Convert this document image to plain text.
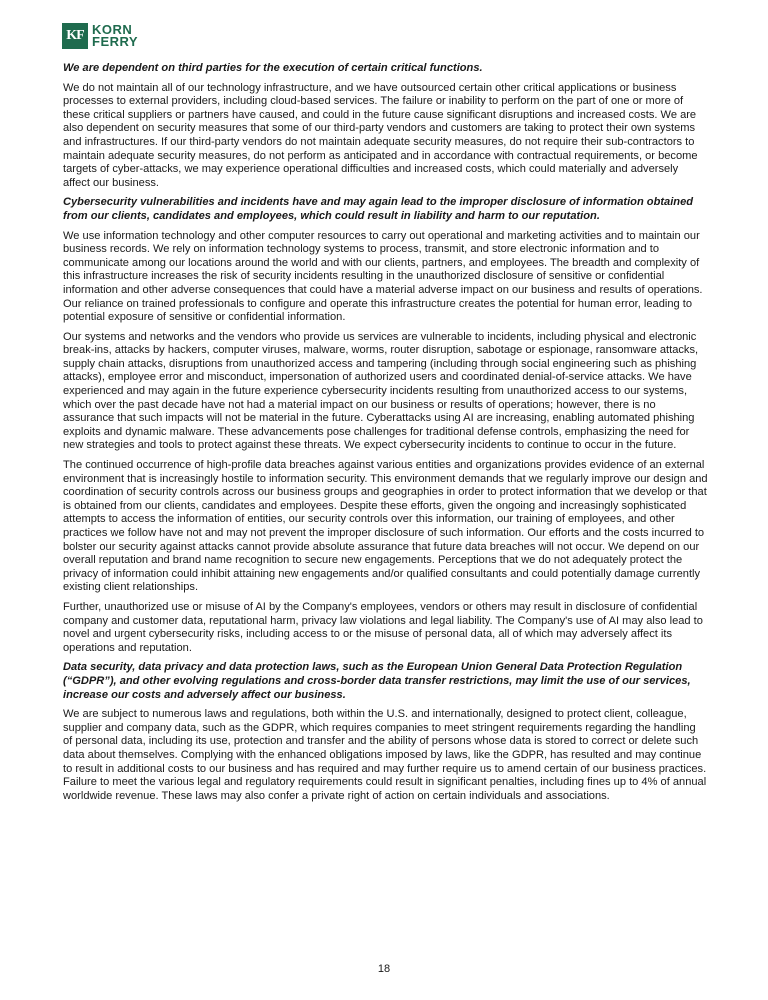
KF KORN
FERRY

We are dependent on third parties for the execution of certain critical functions.

We do not maintain all of our technology infrastructure, and we have outsourced certain other critical applications or business processes to external providers, including cloud-based services. The failure or inability to perform on the part of one or more of these critical suppliers or partners have caused, and could in the future cause significant disruptions and increased costs. We are also dependent on security measures that some of our third-party vendors and customers are taking to protect their own systems and infrastructures. If our third-party vendors do not maintain adequate security measures, do not require their sub-contractors to maintain adequate security measures, do not perform as anticipated and in accordance with contractual requirements, or become targets of cyber-attacks, we may experience operational difficulties and increased costs, which could materially and adversely affect our business.

Cybersecurity vulnerabilities and incidents have and may again lead to the improper disclosure of information obtained from our clients, candidates and employees, which could result in liability and harm to our reputation.

We use information technology and other computer resources to carry out operational and marketing activities and to maintain our business records. We rely on information technology systems to process, transmit, and store electronic information and to communicate among our locations around the world and with our clients, partners, and employees. The breadth and complexity of this infrastructure increases the risk of security incidents resulting in the unauthorized disclosure of sensitive or confidential information and other adverse consequences that could have a material adverse impact on our business and results of operations. Our reliance on trained professionals to configure and operate this infrastructure creates the potential for human error, leading to potential exposure of sensitive or confidential information.

Our systems and networks and the vendors who provide us services are vulnerable to incidents, including physical and electronic break-ins, attacks by hackers, computer viruses, malware, worms, router disruption, sabotage or espionage, ransomware attacks, supply chain attacks, disruptions from unauthorized access and tampering (including through social engineering such as phishing attacks), employee error and misconduct, impersonation of authorized users and coordinated denial-of-service attacks. We have experienced and may again in the future experience cybersecurity incidents resulting from unauthorized access to our systems, which over the past decade have not had a material impact on our business or results of operations; however, there is no assurance that such impacts will not be material in the future. Cyberattacks using AI are increasing, enabling automated phishing exploits and dynamic malware. These advancements pose challenges for traditional defense controls, emphasizing the need for new strategies and tools to protect against these threats. We expect cybersecurity incidents to continue to occur in the future.

The continued occurrence of high-profile data breaches against various entities and organizations provides evidence of an external environment that is increasingly hostile to information security. This environment demands that we regularly improve our design and coordination of security controls across our business groups and geographies in order to protect information that we develop or that is obtained from our clients, candidates and employees. Despite these efforts, given the ongoing and increasingly sophisticated attempts to access the information of entities, our security controls over this information, our training of employees, and other practices we follow have not and may not prevent the improper disclosure of such information. Our efforts and the costs incurred to bolster our security against attacks cannot provide absolute assurance that future data breaches will not occur. We depend on our overall reputation and brand name recognition to secure new engagements. Perceptions that we do not adequately protect the privacy of information could inhibit attaining new engagements and/or qualified consultants and could potentially damage currently existing client relationships.

Further, unauthorized use or misuse of AI by the Company's employees, vendors or others may result in disclosure of confidential company and customer data, reputational harm, privacy law violations and legal liability. The Company's use of AI may also lead to novel and urgent cybersecurity risks, including access to or the misuse of personal data, all of which may adversely affect its operations and reputation.

Data security, data privacy and data protection laws, such as the European Union General Data Protection Regulation (“GDPR”), and other evolving regulations and cross-border data transfer restrictions, may limit the use of our services, increase our costs and adversely affect our business.

We are subject to numerous laws and regulations, both within the U.S. and internationally, designed to protect client, colleague, supplier and company data, such as the GDPR, which requires companies to meet stringent requirements regarding the handling of personal data, including its use, protection and transfer and the ability of persons whose data is stored to correct or delete such data about themselves. Complying with the enhanced obligations imposed by laws, like the GDPR, has resulted and may continue to result in additional costs to our business and has required and may further require us to amend certain of our business practices. Failure to meet the various legal and regulatory requirements could result in significant penalties, including fines up to 4% of annual worldwide revenue. These laws may also confer a private right of action on certain individuals and associations.

18
